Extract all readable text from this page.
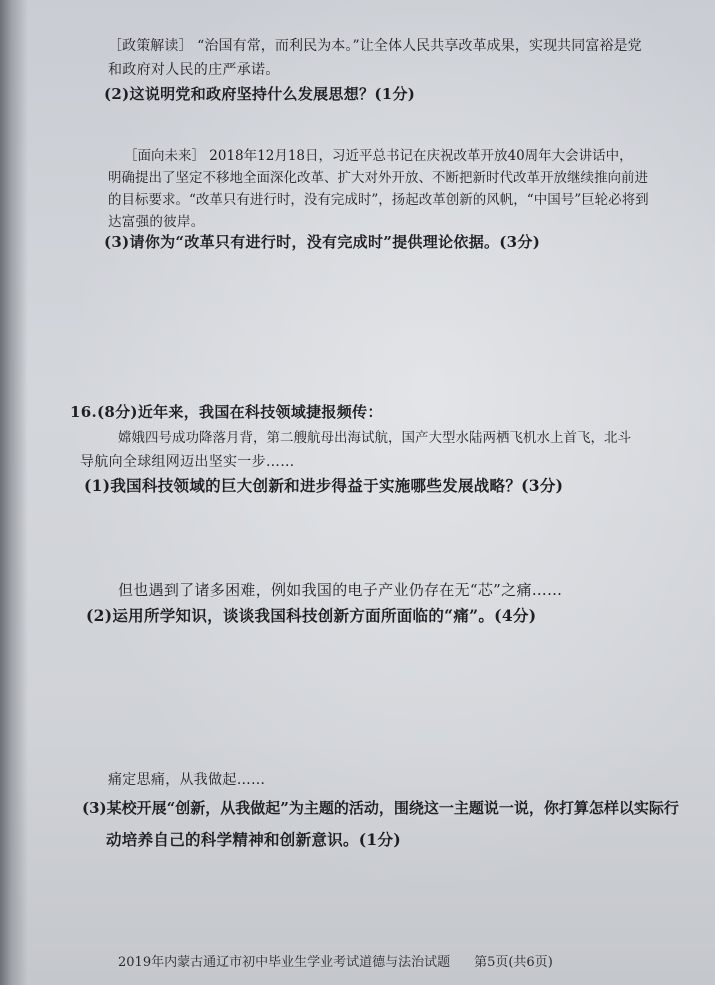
［政策解读］ “治国有常，而利民为本。”让全体人民共享改革成果，实现共同富裕是党
和政府对人民的庄严承诺。
(2)这说明党和政府坚持什么发展思想？(1分)
［面向未来］ 2018年12月18日，习近平总书记在庆祝改革开放40周年大会讲话中，
明确提出了坚定不移地全面深化改革、扩大对外开放、不断把新时代改革开放继续推向前进
的目标要求。“改革只有进行时，没有完成时”，扬起改革创新的风帆，“中国号”巨轮必将到
达富强的彼岸。
(3)请你为“改革只有进行时，没有完成时”提供理论依据。(3分)
16.(8分)近年来，我国在科技领域捷报频传：
嫦娥四号成功降落月背，第二艘航母出海试航，国产大型水陆两栖飞机水上首飞，北斗
导航向全球组网迈出坚实一步……
(1)我国科技领域的巨大创新和进步得益于实施哪些发展战略？(3分)
但也遇到了诸多困难，例如我国的电子产业仍存在无“芯”之痛……
(2)运用所学知识，谈谈我国科技创新方面所面临的“痛”。(4分)
痛定思痛，从我做起……
(3)某校开展“创新，从我做起”为主题的活动，围绕这一主题说一说，你打算怎样以实际行
动培养自己的科学精神和创新意识。(1分)
2019年内蒙古通辽市初中毕业生学业考试道德与法治试题 第5页(共6页)
